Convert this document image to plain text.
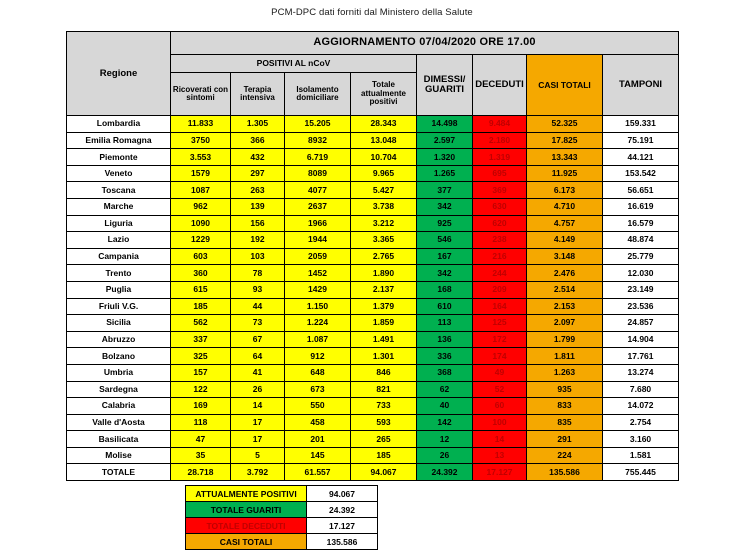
PCM-DPC dati forniti dal Ministero della Salute
Regione	AGGIORNAMENTO 07/04/2020 ORE 17.00							
	POSITIVI AL nCoV				DIMESSI/ GUARITI	DECEDUTI	CASI TOTALI	TAMPONI
	Ricoverati con sintomi	Terapia intensiva	Isolamento domiciliare	Totale attualmente positivi				
Lombardia	11.833	1.305	15.205	28.343	14.498	9.484	52.325	159.331
Emilia Romagna	3750	366	8932	13.048	2.597	2.180	17.825	75.191
Piemonte	3.553	432	6.719	10.704	1.320	1.319	13.343	44.121
Veneto	1579	297	8089	9.965	1.265	695	11.925	153.542
Toscana	1087	263	4077	5.427	377	369	6.173	56.651
Marche	962	139	2637	3.738	342	630	4.710	16.619
Liguria	1090	156	1966	3.212	925	620	4.757	16.579
Lazio	1229	192	1944	3.365	546	238	4.149	48.874
Campania	603	103	2059	2.765	167	216	3.148	25.779
Trento	360	78	1452	1.890	342	244	2.476	12.030
Puglia	615	93	1429	2.137	168	209	2.514	23.149
Friuli V.G.	185	44	1.150	1.379	610	164	2.153	23.536
Sicilia	562	73	1.224	1.859	113	125	2.097	24.857
Abruzzo	337	67	1.087	1.491	136	172	1.799	14.904
Bolzano	325	64	912	1.301	336	174	1.811	17.761
Umbria	157	41	648	846	368	49	1.263	13.274
Sardegna	122	26	673	821	62	52	935	7.680
Calabria	169	14	550	733	40	60	833	14.072
Valle d'Aosta	118	17	458	593	142	100	835	2.754
Basilicata	47	17	201	265	12	14	291	3.160
Molise	35	5	145	185	26	13	224	1.581
TOTALE	28.718	3.792	61.557	94.067	24.392	17.127	135.586	755.445
ATTUALMENTE POSITIVI	94.067
TOTALE GUARITI	24.392
TOTALE DECEDUTI	17.127
CASI TOTALI	135.586
